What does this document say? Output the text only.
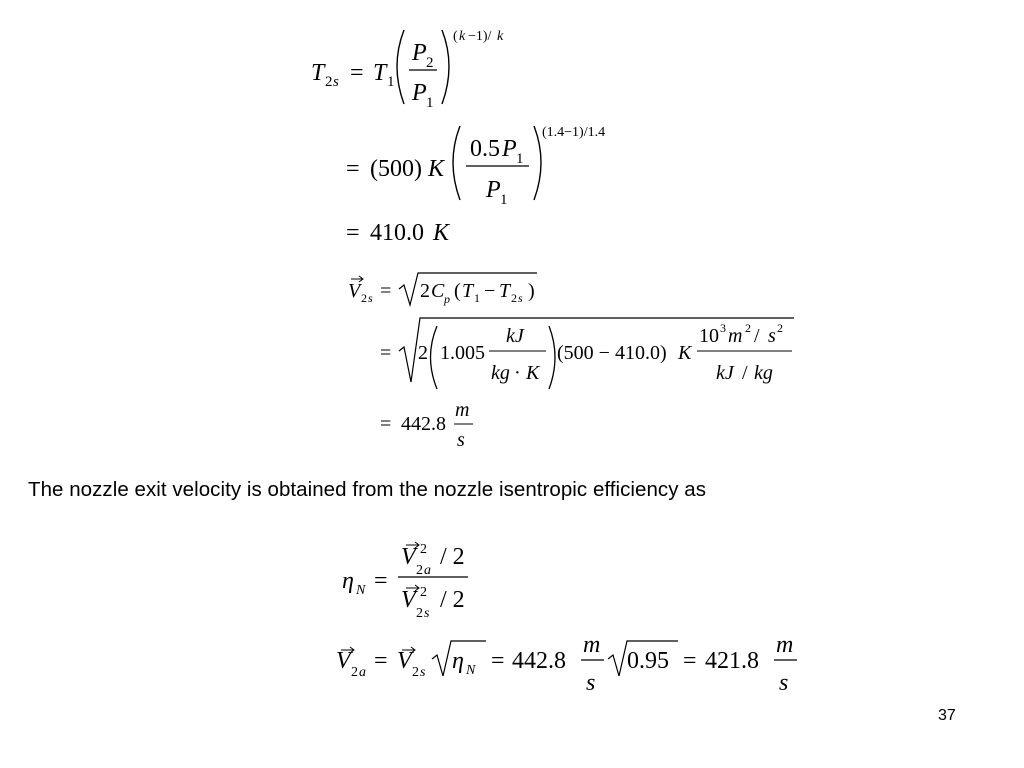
T 2 s = T 1
P 2
P 1
( k −1)/ k
= (500) K
0.5 P 1
P 1
(1.4−1)/1.4
= 410.0 K
V 2 s = 2 C p ( T 1 − T 2 s )
= 2 1.005
kJ
kg · K
(500 − 410.0) K
10 3 m 2 / s 2
kJ / kg
= 442.8
m
s
η N =
V
2 a
2 / 2
V
2 s
2 / 2
V 2 a = V 2 s η N = 442.8
m
s
0.95 = 421.8
m
s
The nozzle exit velocity is obtained from the nozzle isentropic efficiency as
37
